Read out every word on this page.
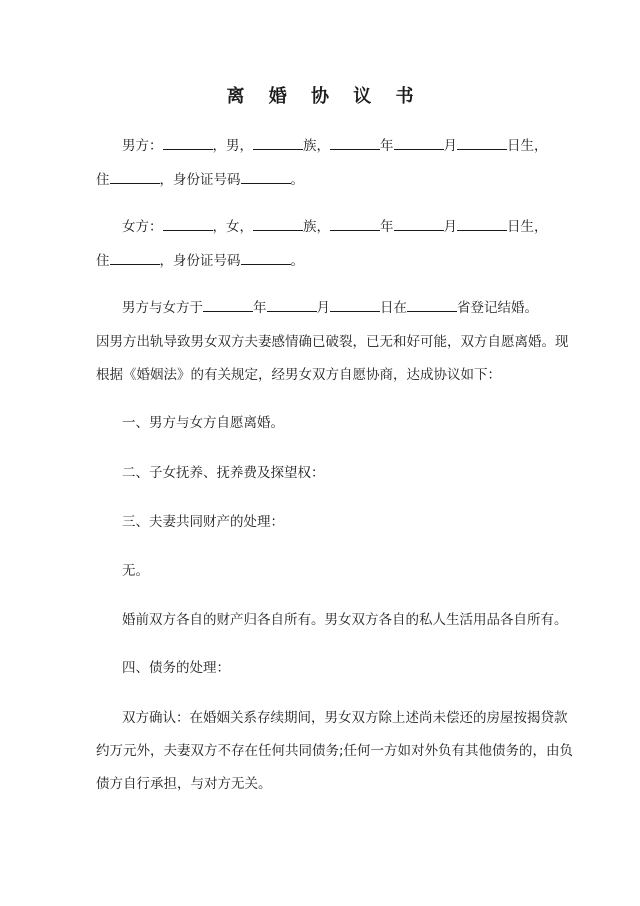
离 婚 协 议 书
男方：	，男，	族，	年	月	日生，
住	，身份证号码	。
女方：	，女，	族，	年	月	日生，
住	，身份证号码	。
男方与女方于	年	月	日在	省登记结婚。
因男方出轨导致男女双方夫妻感情确已破裂，已无和好可能，双方自愿离婚。现
根据《婚姻法》的有关规定，经男女双方自愿协商，达成协议如下：
一、男方与女方自愿离婚。
二、子女抚养、抚养费及探望权：
三、夫妻共同财产的处理：
无。
婚前双方各自的财产归各自所有。男女双方各自的私人生活用品各自所有。
四、债务的处理：
双方确认：在婚姻关系存续期间，男女双方除上述尚未偿还的房屋按揭贷款
约万元外，夫妻双方不存在任何共同债务;任何一方如对外负有其他债务的，由负
债方自行承担，与对方无关。
